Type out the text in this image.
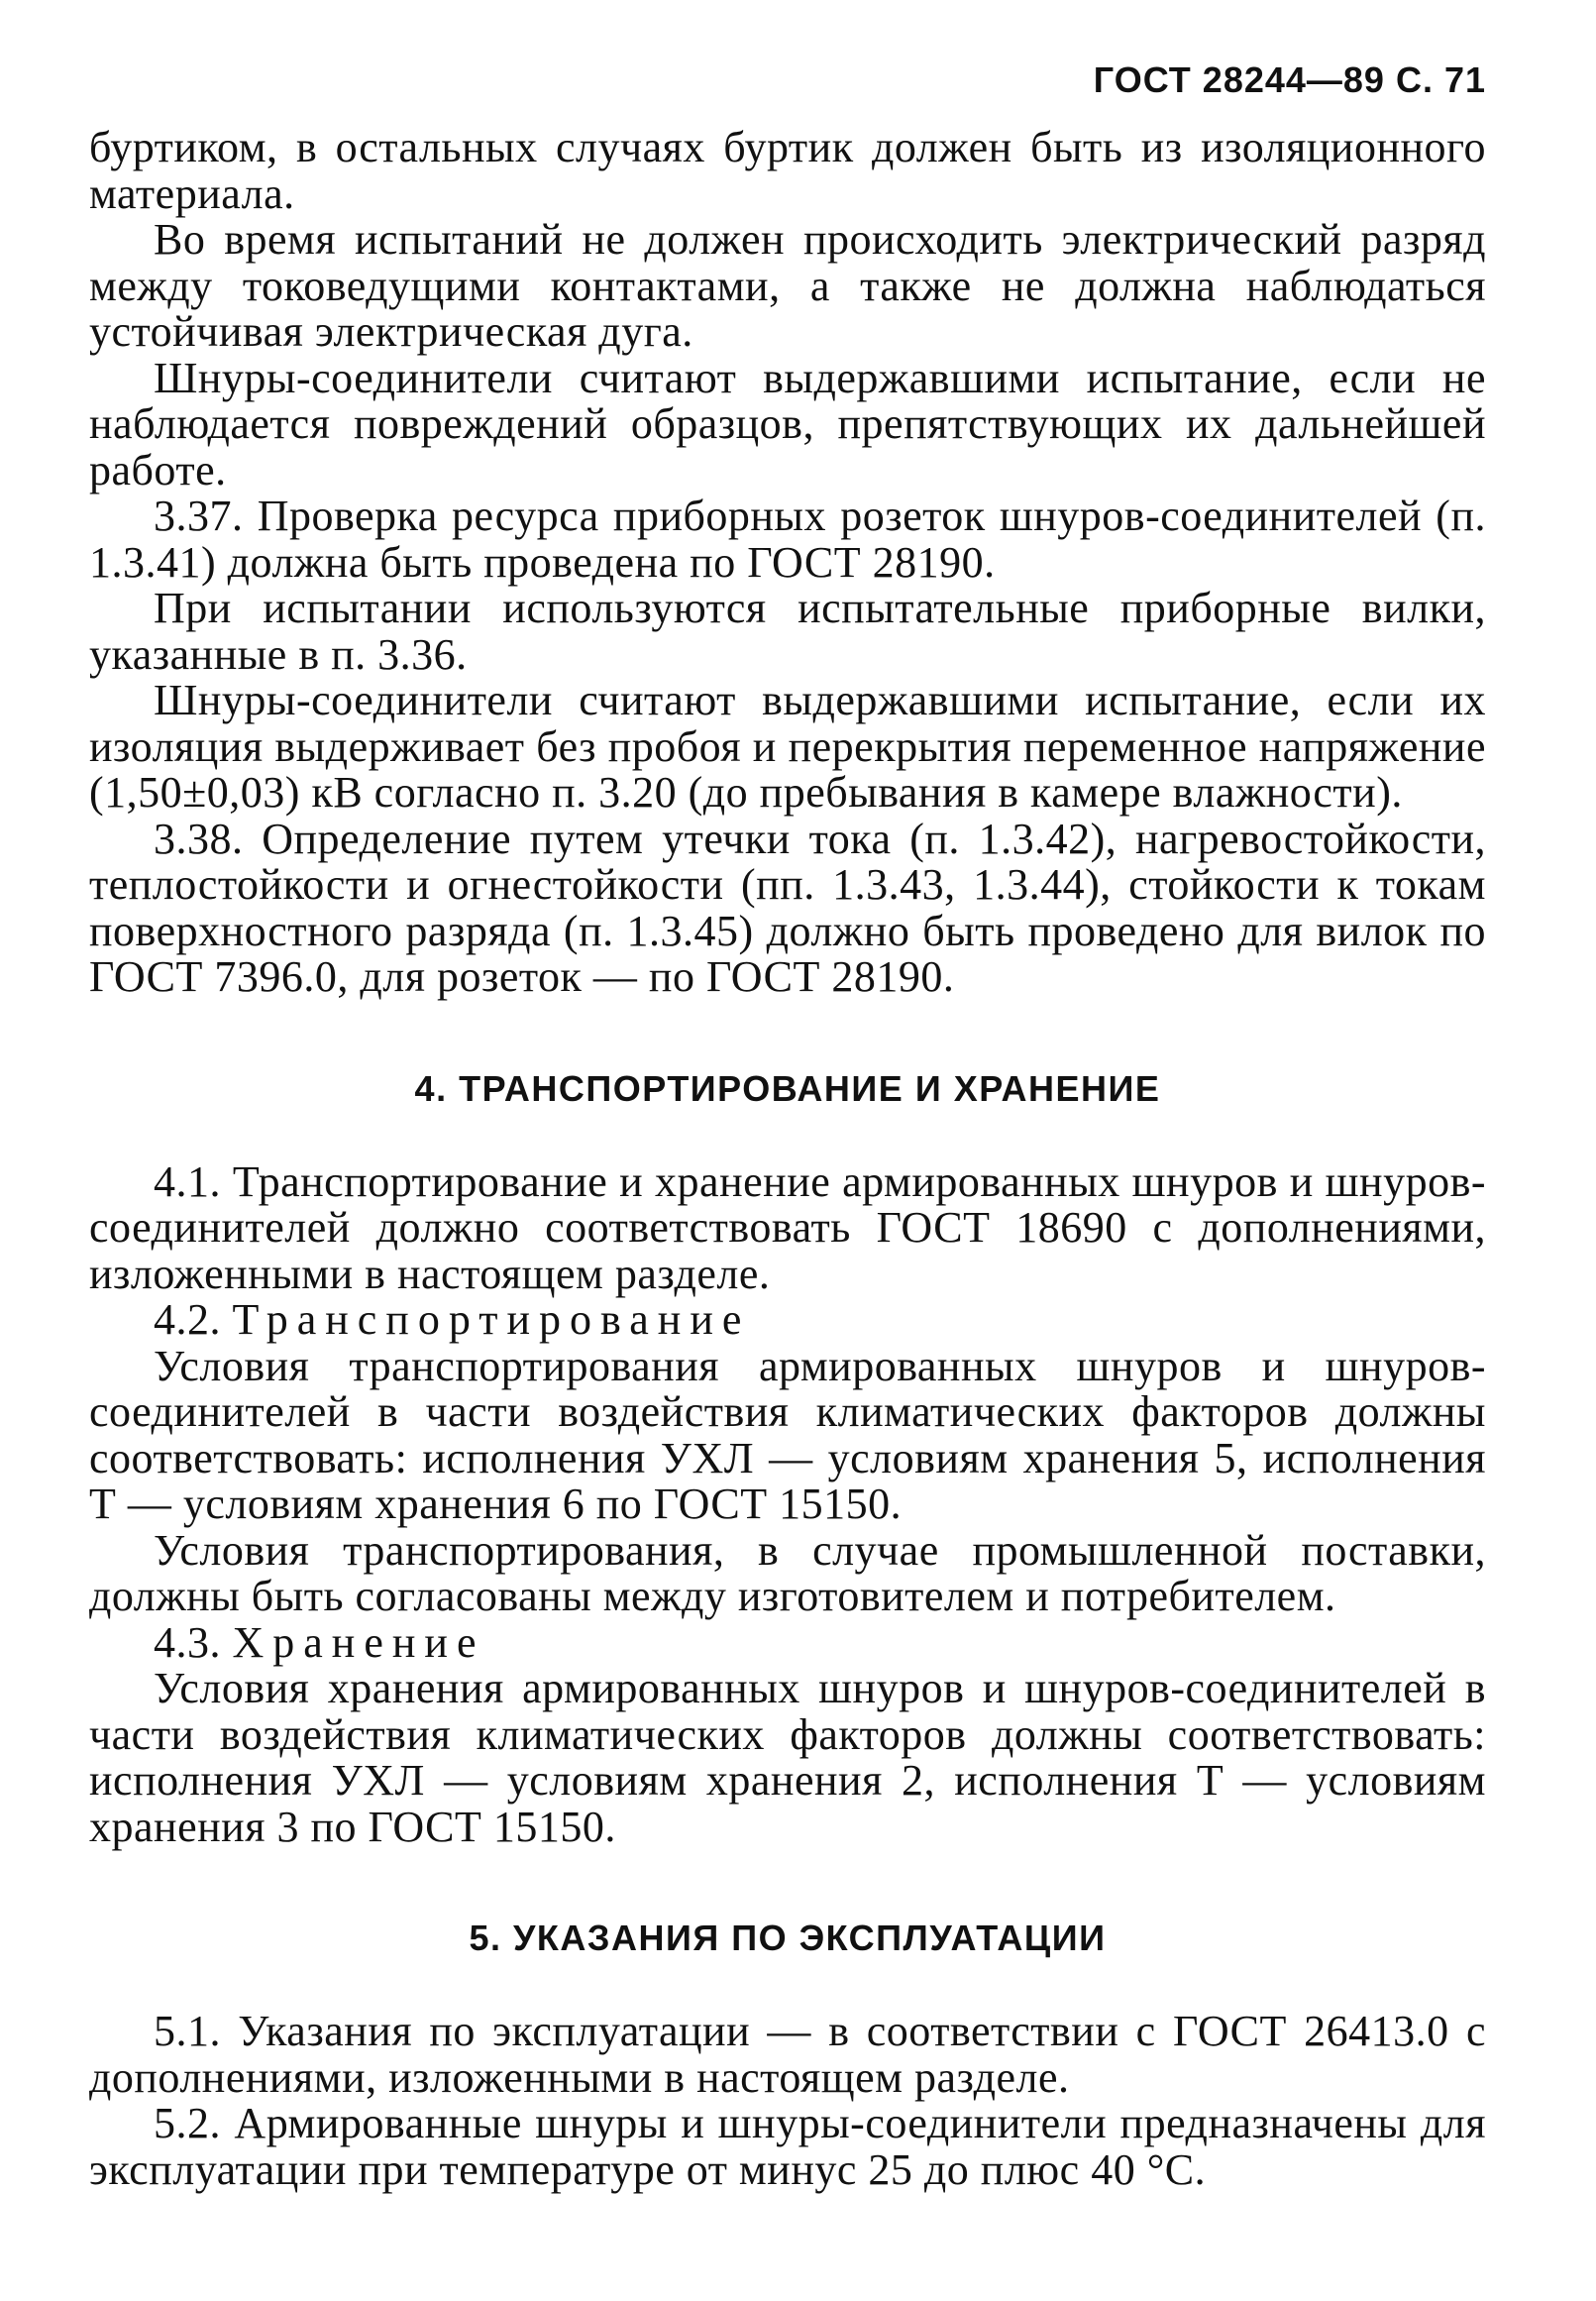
ГОСТ 28244—89 С. 71

буртиком, в остальных случаях буртик должен быть из изоляционного материала.

Во время испытаний не должен происходить электрический разряд между токоведущими контактами, а также не должна наблюдаться устойчивая электрическая дуга.

Шнуры-соединители считают выдержавшими испытание, если не наблюдается повреждений образцов, препятствующих их дальнейшей работе.

3.37. Проверка ресурса приборных розеток шнуров-соединителей (п. 1.3.41) должна быть проведена по ГОСТ 28190.

При испытании используются испытательные приборные вилки, указанные в п. 3.36.

Шнуры-соединители считают выдержавшими испытание, если их изоляция выдерживает без пробоя и перекрытия переменное напряжение (1,50±0,03) кВ согласно п. 3.20 (до пребывания в камере влажности).

3.38. Определение путем утечки тока (п. 1.3.42), нагревостойкости, теплостойкости и огнестойкости (пп. 1.3.43, 1.3.44), стойкости к токам поверхностного разряда (п. 1.3.45) должно быть проведено для вилок по ГОСТ 7396.0, для розеток — по ГОСТ 28190.

4. ТРАНСПОРТИРОВАНИЕ И ХРАНЕНИЕ

4.1. Транспортирование и хранение армированных шнуров и шнуров-соединителей должно соответствовать ГОСТ 18690 с дополнениями, изложенными в настоящем разделе.

4.2. Транспортирование

Условия транспортирования армированных шнуров и шнуров-соединителей в части воздействия климатических факторов должны соответствовать: исполнения УХЛ — условиям хранения 5, исполнения Т — условиям хранения 6 по ГОСТ 15150.

Условия транспортирования, в случае промышленной поставки, должны быть согласованы между изготовителем и потребителем.

4.3. Хранение

Условия хранения армированных шнуров и шнуров-соединителей в части воздействия климатических факторов должны соответствовать: исполнения УХЛ — условиям хранения 2, исполнения Т — условиям хранения 3 по ГОСТ 15150.

5. УКАЗАНИЯ ПО ЭКСПЛУАТАЦИИ

5.1. Указания по эксплуатации — в соответствии с ГОСТ 26413.0 с дополнениями, изложенными в настоящем разделе.

5.2. Армированные шнуры и шнуры-соединители предназначены для эксплуатации при температуре от минус 25 до плюс 40 °С.
